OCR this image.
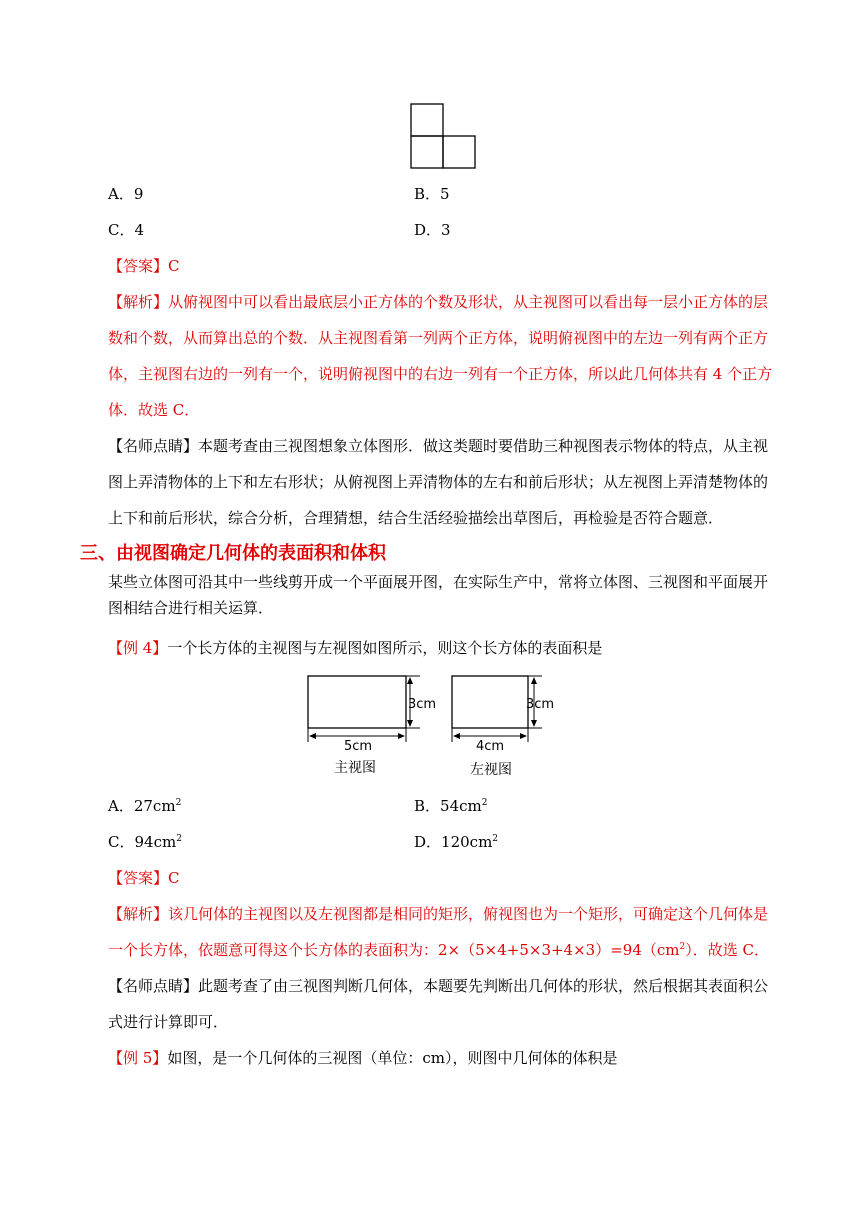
A．9	B．5
C．4	D．3
【答案】C
【解析】从俯视图中可以看出最底层小正方体的个数及形状，从主视图可以看出每一层小正方体的层
数和个数，从而算出总的个数．从主视图看第一列两个正方体，说明俯视图中的左边一列有两个正方
体，主视图右边的一列有一个，说明俯视图中的右边一列有一个正方体，所以此几何体共有 4 个正方
体．故选 C．
【名师点睛】本题考查由三视图想象立体图形．做这类题时要借助三种视图表示物体的特点，从主视
图上弄清物体的上下和左右形状；从俯视图上弄清物体的左右和前后形状；从左视图上弄清楚物体的
上下和前后形状，综合分析，合理猜想，结合生活经验描绘出草图后，再检验是否符合题意．
三、由视图确定几何体的表面积和体积
某些立体图可沿其中一些线剪开成一个平面展开图，在实际生产中，常将立体图、三视图和平面展开
图相结合进行相关运算．
【例 4】一个长方体的主视图与左视图如图所示，则这个长方体的表面积是
3cm
5cm
主视图
3cm
4cm
左视图
A．$27cm^2$	B．$54cm^2$
C．$94cm^2$	D．$120cm^2$
【答案】C
【解析】该几何体的主视图以及左视图都是相同的矩形，俯视图也为一个矩形，可确定这个几何体是
一个长方体，依题意可得这个长方体的表面积为：$2\times(5\times 4+5\times 3+4\times 3)=94(cm^2)$．故选 C．
【名师点睛】此题考查了由三视图判断几何体，本题要先判断出几何体的形状，然后根据其表面积公
式进行计算即可．
【例 5】如图，是一个几何体的三视图（单位：cm），则图中几何体的体积是
